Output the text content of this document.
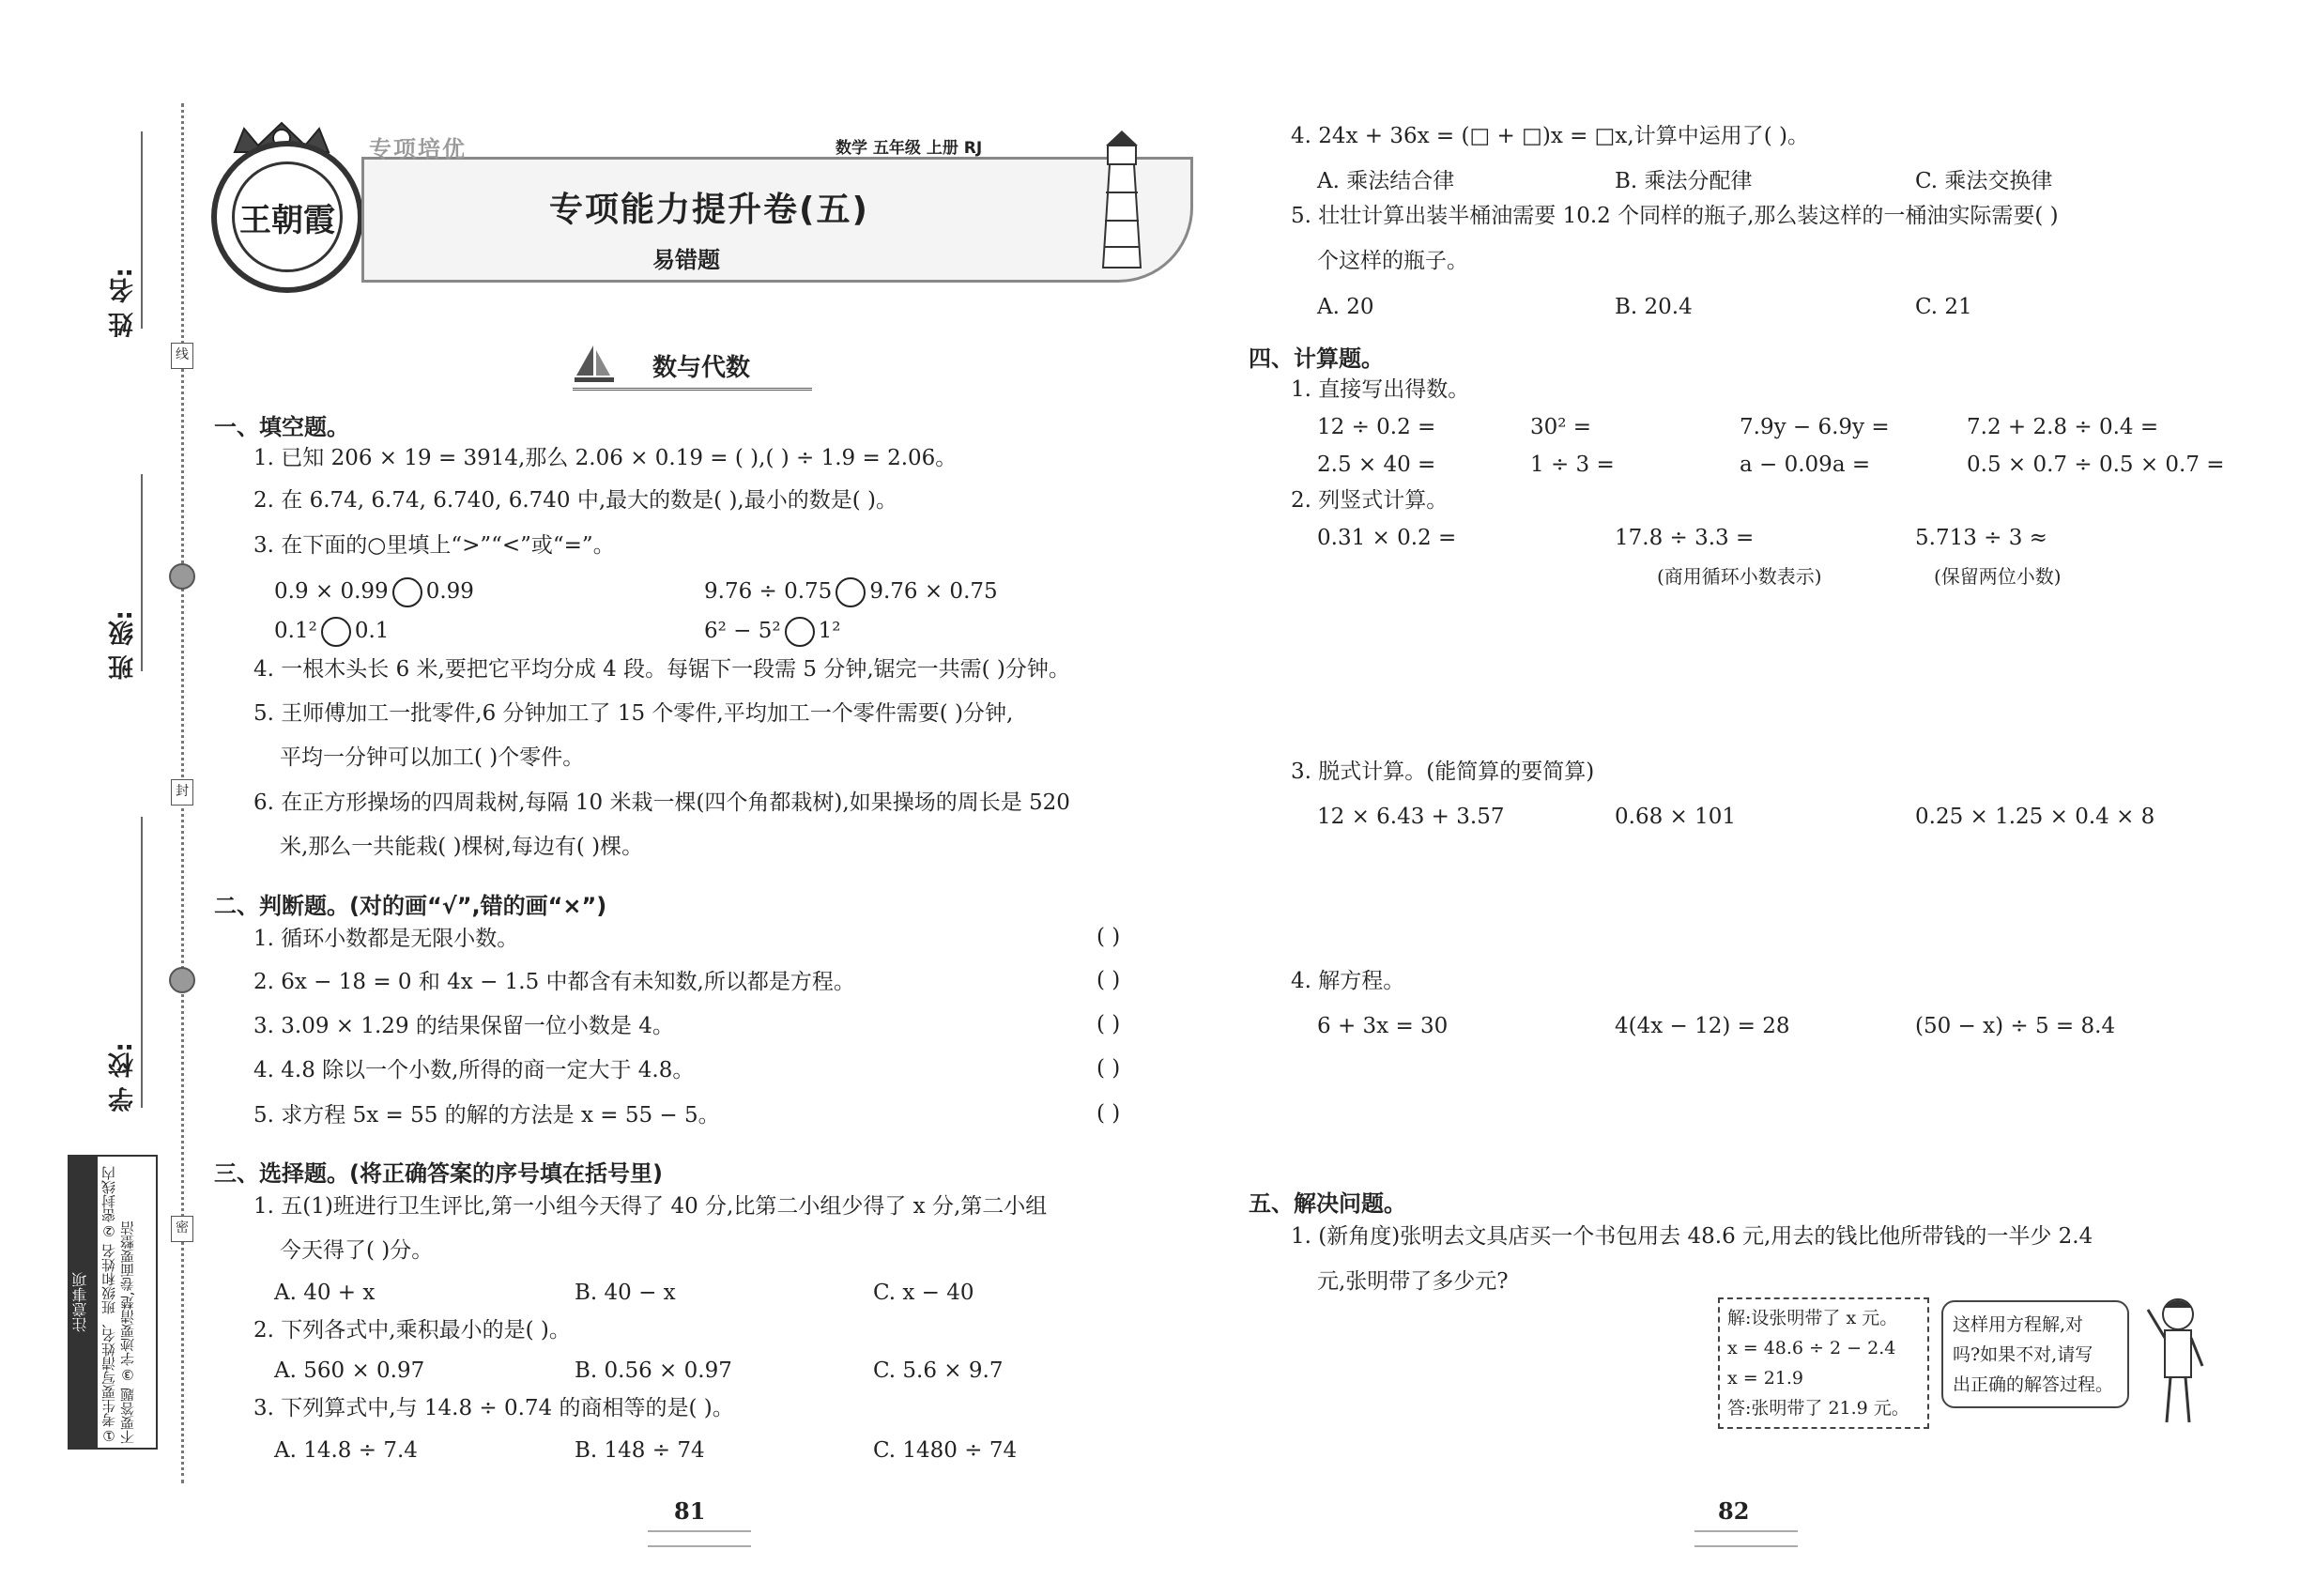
姓 名:
班 级:
学 校:
线
封
密
注意事项 ①考生要写清姓名、班级和姓名 ②密封线内不要答题 ③字迹要清楚,卷面要整洁
王朝霞
专项培优	数学 五年级 上册 RJ
专项能力提升卷(五)
易错题
数与代数
一、填空题。
1. 已知 206 × 19 = 3914,那么 2.06 × 0.19 = ( ),( ) ÷ 1.9 = 2.06。
2. 在 6.74, 6.74, 6.740, 6.740 中,最大的数是( ),最小的数是( )。
3. 在下面的○里填上“>”“<”或“=”。
0.9 × 0.99 0.99	9.76 ÷ 0.75 9.76 × 0.75
0.1² 0.1	6² − 5² 1²
4. 一根木头长 6 米,要把它平均分成 4 段。每锯下一段需 5 分钟,锯完一共需( )分钟。
5. 王师傅加工一批零件,6 分钟加工了 15 个零件,平均加工一个零件需要( )分钟,
平均一分钟可以加工( )个零件。
6. 在正方形操场的四周栽树,每隔 10 米栽一棵(四个角都栽树),如果操场的周长是 520
米,那么一共能栽( )棵树,每边有( )棵。
二、判断题。(对的画“√”,错的画“×”)
1. 循环小数都是无限小数。	( )
2. 6x − 18 = 0 和 4x − 1.5 中都含有未知数,所以都是方程。	( )
3. 3.09 × 1.29 的结果保留一位小数是 4。	( )
4. 4.8 除以一个小数,所得的商一定大于 4.8。	( )
5. 求方程 5x = 55 的解的方法是 x = 55 − 5。	( )
三、选择题。(将正确答案的序号填在括号里)
1. 五(1)班进行卫生评比,第一小组今天得了 40 分,比第二小组少得了 x 分,第二小组
今天得了( )分。
A. 40 + x	B. 40 − x	C. x − 40
2. 下列各式中,乘积最小的是( )。
A. 560 × 0.97	B. 0.56 × 0.97	C. 5.6 × 9.7
3. 下列算式中,与 14.8 ÷ 0.74 的商相等的是( )。
A. 14.8 ÷ 7.4	B. 148 ÷ 74	C. 1480 ÷ 74
81
4. 24x + 36x = (□ + □)x = □x,计算中运用了( )。
A. 乘法结合律	B. 乘法分配律	C. 乘法交换律
5. 壮壮计算出装半桶油需要 10.2 个同样的瓶子,那么装这样的一桶油实际需要( )
个这样的瓶子。
A. 20	B. 20.4	C. 21
四、计算题。
1. 直接写出得数。
12 ÷ 0.2 =	30² =	7.9y − 6.9y =	7.2 + 2.8 ÷ 0.4 =
2.5 × 40 =	1 ÷ 3 =	a − 0.09a =	0.5 × 0.7 ÷ 0.5 × 0.7 =
2. 列竖式计算。
0.31 × 0.2 =	17.8 ÷ 3.3 =	5.713 ÷ 3 ≈
(商用循环小数表示)	(保留两位小数)
3. 脱式计算。(能简算的要简算)
12 × 6.43 + 3.57	0.68 × 101	0.25 × 1.25 × 0.4 × 8
4. 解方程。
6 + 3x = 30	4(4x − 12) = 28	(50 − x) ÷ 5 = 8.4
五、解决问题。
1. (新角度)张明去文具店买一个书包用去 48.6 元,用去的钱比他所带钱的一半少 2.4
元,张明带了多少元?
82
解:设张明带了 x 元。
x = 48.6 ÷ 2 − 2.4
x = 21.9
答:张明带了 21.9 元。
这样用方程解,对
吗?如果不对,请写
出正确的解答过程。
